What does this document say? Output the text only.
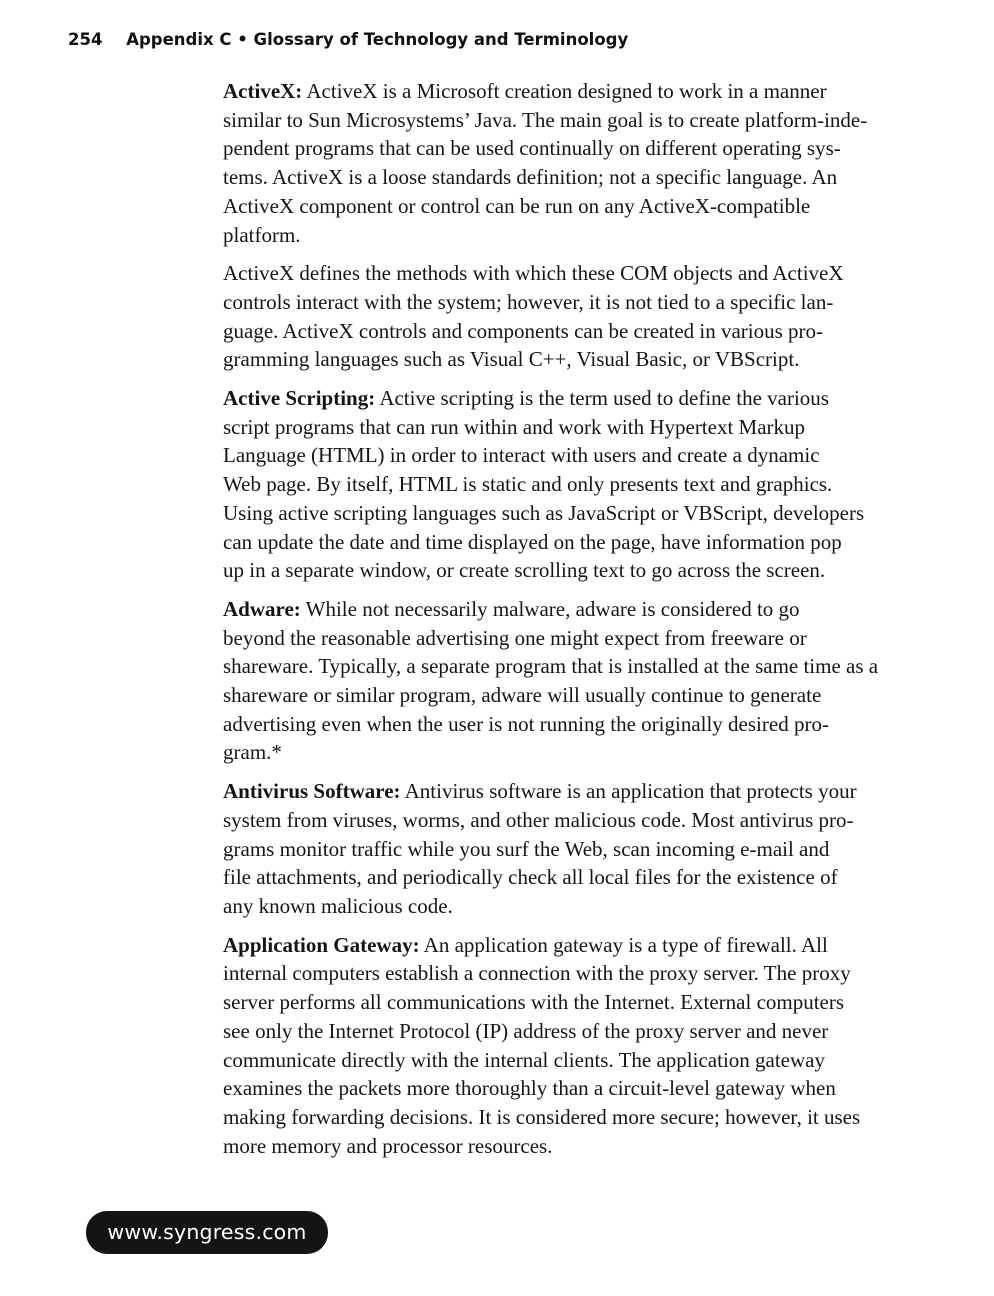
254 Appendix C • Glossary of Technology and Terminology
ActiveX: ActiveX is a Microsoft creation designed to work in a manner
similar to Sun Microsystems’ Java. The main goal is to create platform-inde-
pendent programs that can be used continually on different operating sys-
tems. ActiveX is a loose standards definition; not a specific language. An
ActiveX component or control can be run on any ActiveX-compatible
platform.
ActiveX defines the methods with which these COM objects and ActiveX
controls interact with the system; however, it is not tied to a specific lan-
guage. ActiveX controls and components can be created in various pro-
gramming languages such as Visual C++, Visual Basic, or VBScript.
Active Scripting: Active scripting is the term used to define the various
script programs that can run within and work with Hypertext Markup
Language (HTML) in order to interact with users and create a dynamic
Web page. By itself, HTML is static and only presents text and graphics.
Using active scripting languages such as JavaScript or VBScript, developers
can update the date and time displayed on the page, have information pop
up in a separate window, or create scrolling text to go across the screen.
Adware: While not necessarily malware, adware is considered to go
beyond the reasonable advertising one might expect from freeware or
shareware. Typically, a separate program that is installed at the same time as a
shareware or similar program, adware will usually continue to generate
advertising even when the user is not running the originally desired pro-
gram.*
Antivirus Software: Antivirus software is an application that protects your
system from viruses, worms, and other malicious code. Most antivirus pro-
grams monitor traffic while you surf the Web, scan incoming e-mail and
file attachments, and periodically check all local files for the existence of
any known malicious code.
Application Gateway: An application gateway is a type of firewall. All
internal computers establish a connection with the proxy server. The proxy
server performs all communications with the Internet. External computers
see only the Internet Protocol (IP) address of the proxy server and never
communicate directly with the internal clients. The application gateway
examines the packets more thoroughly than a circuit-level gateway when
making forwarding decisions. It is considered more secure; however, it uses
more memory and processor resources.
www.syngress.com
